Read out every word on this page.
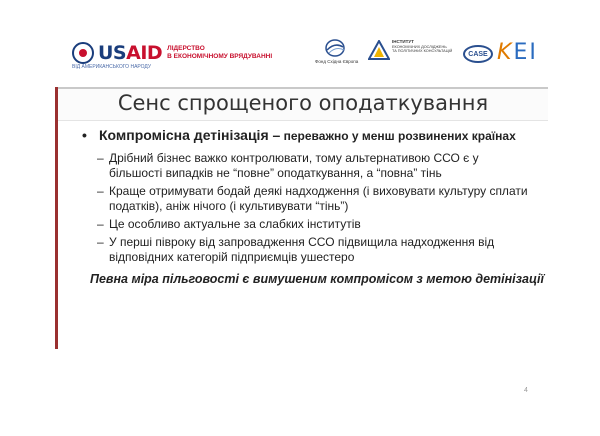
USAID ЛІДЕРСТВО
В ЕКОНОМІЧНОМУ ВРЯДУВАННІ
ВІД АМЕРИКАНСЬКОГО НАРОДУ
Фонд Східна Європа
ІНСТИТУТ
ЕКОНОМІЧНИХ ДОСЛІДЖЕНЬ
ТА ПОЛІТИЧНИХ КОНСУЛЬТАЦІЙ	CASE KEI
Сенс спрощеного оподаткування
• Компромісна детінізація – переважно у менш розвинених країнах
– Дрібний бізнес важко контролювати, тому альтернативою ССО є у більшості випадків не “повне” оподаткування, а “повна” тінь
– Краще отримувати бодай деякі надходження (і виховувати культуру сплати податків), аніж нічого (і культивувати “тінь”)
– Це особливо актуальне за слабких інститутів
– У перші півроку від запровадження ССО підвищила надходження від відповідних категорій підприємців ушестеро
Певна міра пільговості є вимушеним компромісом з метою детінізації
4
